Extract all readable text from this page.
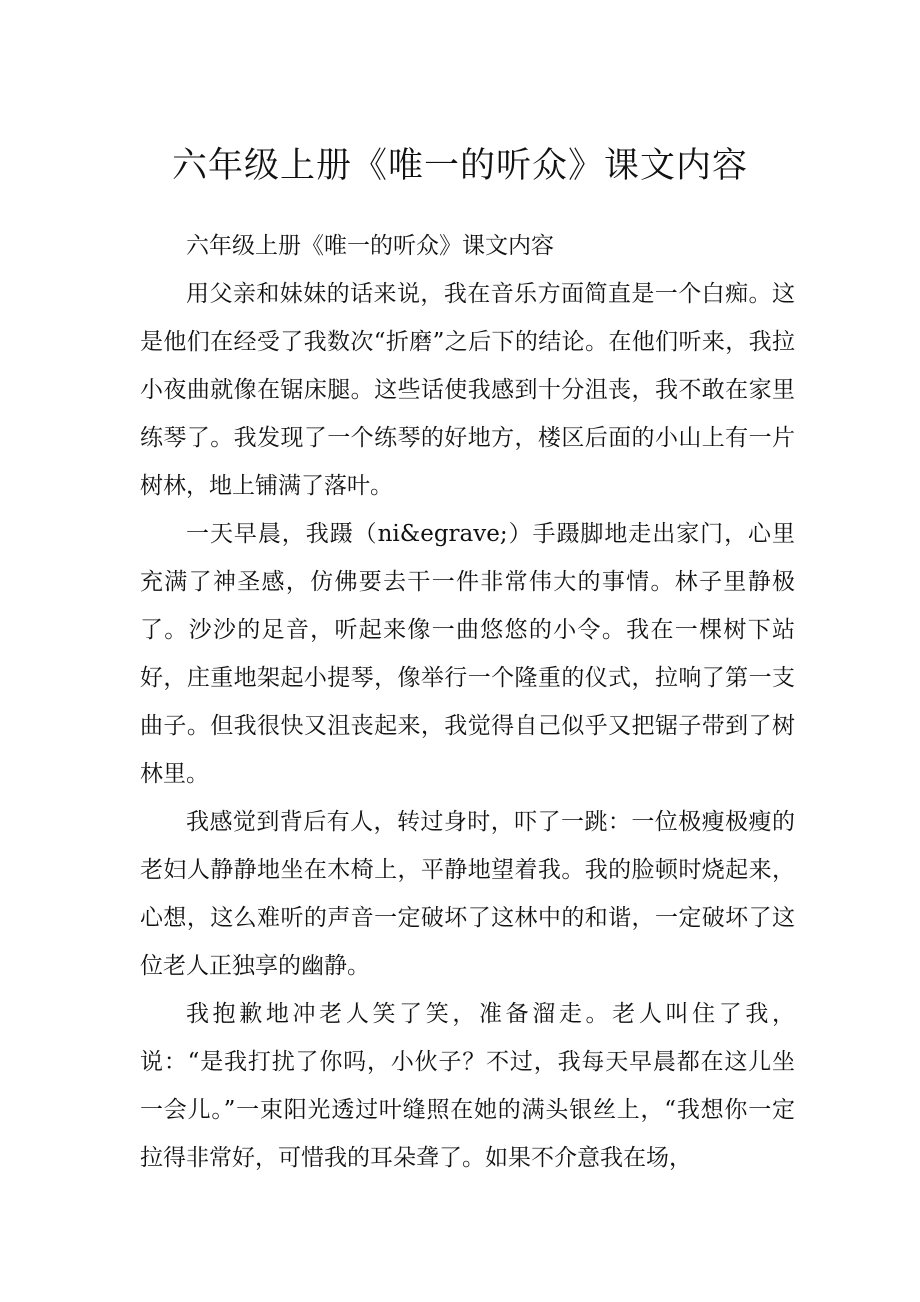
六年级上册《唯一的听众》课文内容

六年级上册《唯一的听众》课文内容

用父亲和妹妹的话来说，我在音乐方面简直是一个白痴。这是他们在经受了我数次“折磨”之后下的结论。在他们听来，我拉小夜曲就像在锯床腿。这些话使我感到十分沮丧，我不敢在家里练琴了。我发现了一个练琴的好地方，楼区后面的小山上有一片树林，地上铺满了落叶。

一天早晨，我蹑（ni&egrave;）手蹑脚地走出家门，心里充满了神圣感，仿佛要去干一件非常伟大的事情。林子里静极了。沙沙的足音，听起来像一曲悠悠的小令。我在一棵树下站好，庄重地架起小提琴，像举行一个隆重的仪式，拉响了第一支曲子。但我很快又沮丧起来，我觉得自己似乎又把锯子带到了树林里。

我感觉到背后有人，转过身时，吓了一跳：一位极瘦极瘦的老妇人静静地坐在木椅上，平静地望着我。我的脸顿时烧起来，心想，这么难听的声音一定破坏了这林中的和谐，一定破坏了这位老人正独享的幽静。

我抱歉地冲老人笑了笑，准备溜走。老人叫住了我，说：“是我打扰了你吗，小伙子？不过，我每天早晨都在这儿坐一会儿。”一束阳光透过叶缝照在她的满头银丝上，“我想你一定拉得非常好，可惜我的耳朵聋了。如果不介意我在场，
